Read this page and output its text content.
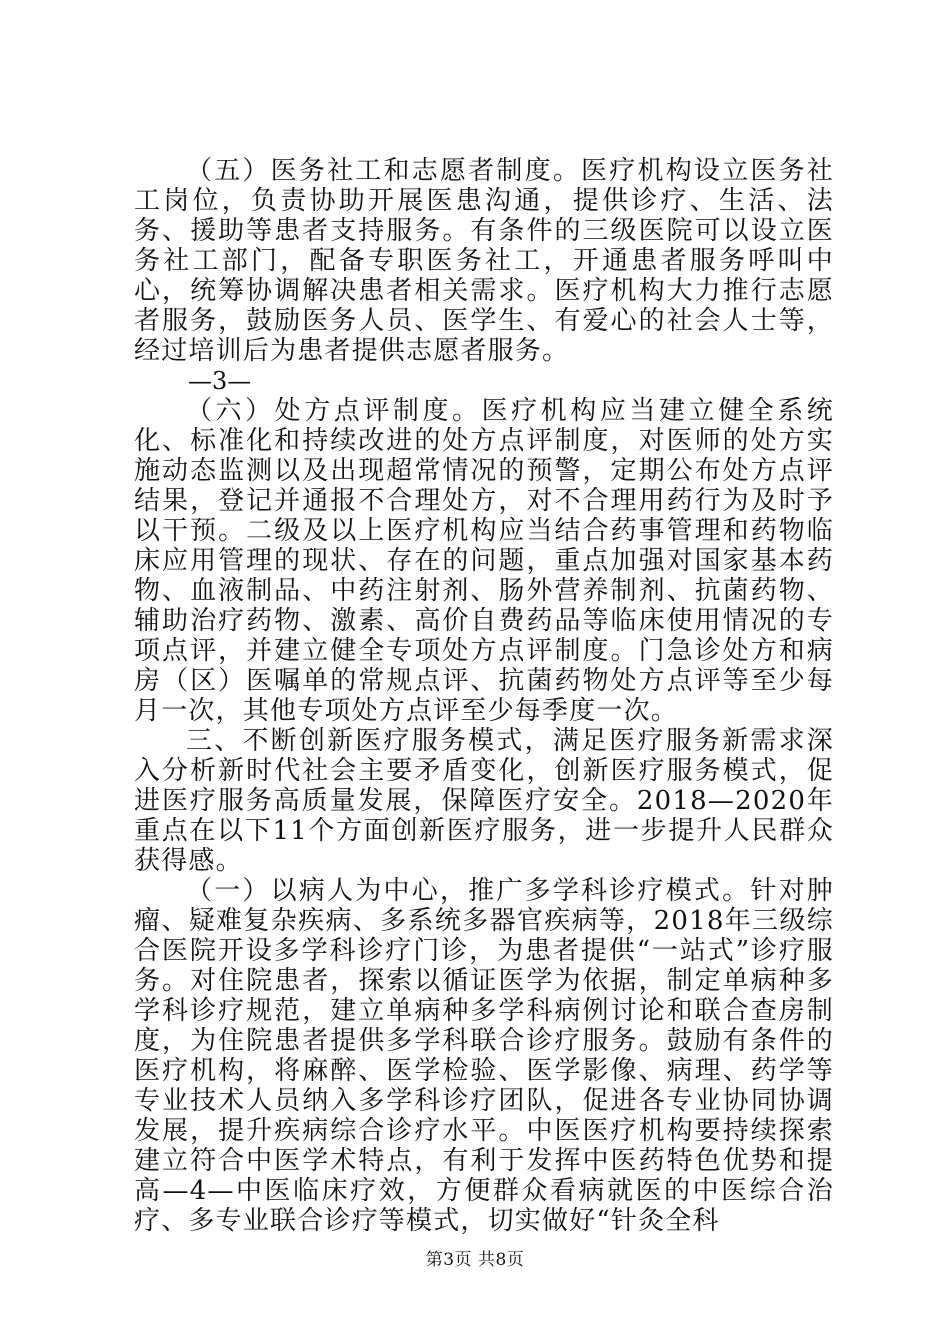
（五）医务社工和志愿者制度。医疗机构设立医务社工岗位，负责协助开展医患沟通，提供诊疗、生活、法务、援助等患者支持服务。有条件的三级医院可以设立医务社工部门，配备专职医务社工，开通患者服务呼叫中心，统筹协调解决患者相关需求。医疗机构大力推行志愿者服务，鼓励医务人员、医学生、有爱心的社会人士等，经过培训后为患者提供志愿者服务。

—3—

（六）处方点评制度。医疗机构应当建立健全系统化、标准化和持续改进的处方点评制度，对医师的处方实施动态监测以及出现超常情况的预警，定期公布处方点评结果，登记并通报不合理处方，对不合理用药行为及时予以干预。二级及以上医疗机构应当结合药事管理和药物临床应用管理的现状、存在的问题，重点加强对国家基本药物、血液制品、中药注射剂、肠外营养制剂、抗菌药物、辅助治疗药物、激素、高价自费药品等临床使用情况的专项点评，并建立健全专项处方点评制度。门急诊处方和病房（区）医嘱单的常规点评、抗菌药物处方点评等至少每月一次，其他专项处方点评至少每季度一次。

三、不断创新医疗服务模式，满足医疗服务新需求深入分析新时代社会主要矛盾变化，创新医疗服务模式，促进医疗服务高质量发展，保障医疗安全。2018—2020年重点在以下11个方面创新医疗服务，进一步提升人民群众获得感。

（一）以病人为中心，推广多学科诊疗模式。针对肿瘤、疑难复杂疾病、多系统多器官疾病等，2018年三级综合医院开设多学科诊疗门诊，为患者提供“一站式”诊疗服务。对住院患者，探索以循证医学为依据，制定单病种多学科诊疗规范，建立单病种多学科病例讨论和联合查房制度，为住院患者提供多学科联合诊疗服务。鼓励有条件的医疗机构，将麻醉、医学检验、医学影像、病理、药学等专业技术人员纳入多学科诊疗团队，促进各专业协同协调发展，提升疾病综合诊疗水平。中医医疗机构要持续探索建立符合中医学术特点，有利于发挥中医药特色优势和提高—4—中医临床疗效，方便群众看病就医的中医综合治疗、多专业联合诊疗等模式，切实做好“针灸全科

第3页 共8页
